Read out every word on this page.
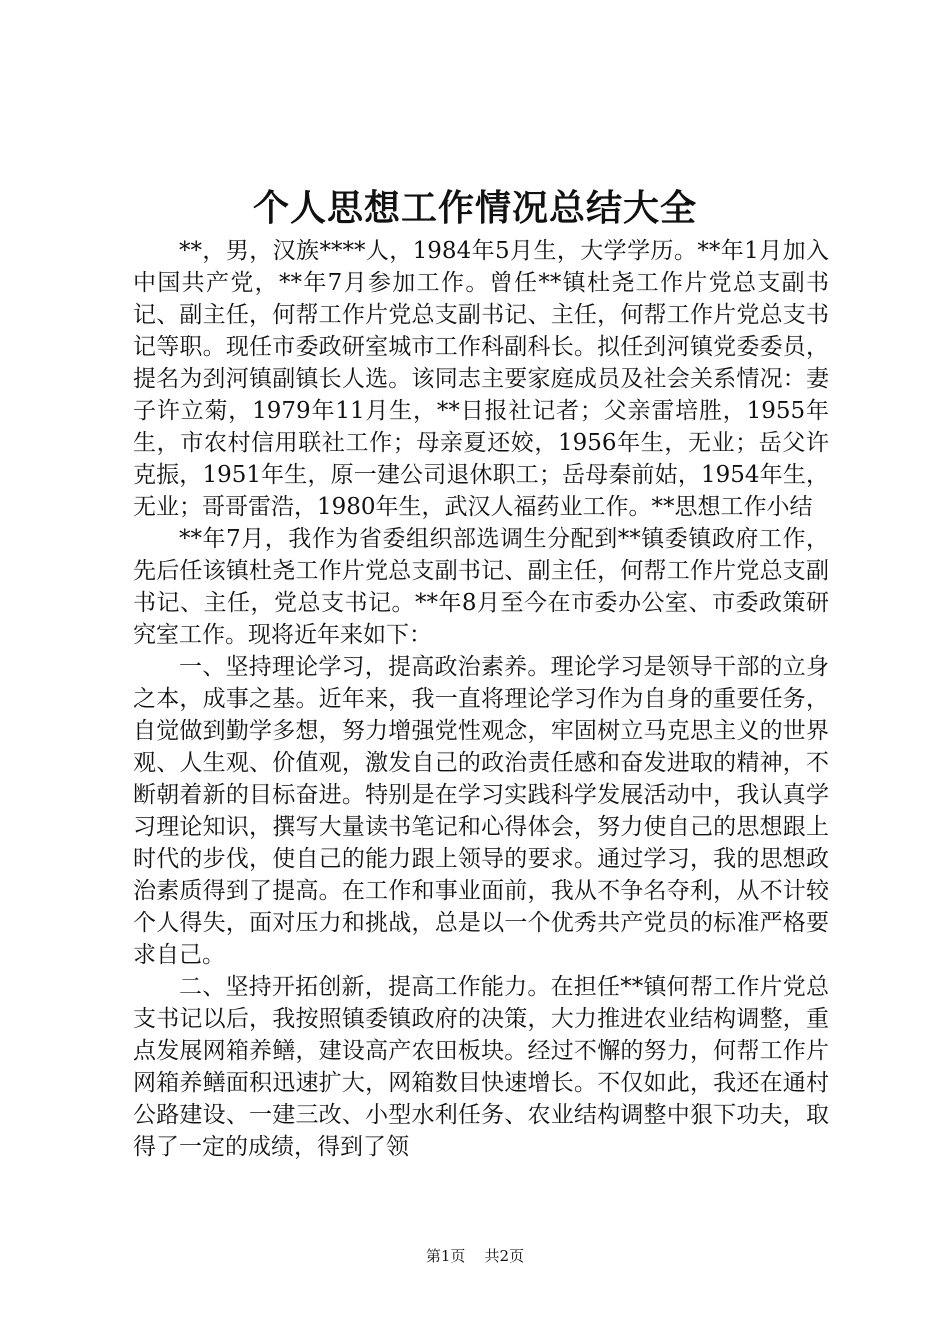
个人思想工作情况总结大全

**，男，汉族****人，1984年5月生，大学学历。**年1月加入中国共产党，**年7月参加工作。曾任**镇杜尧工作片党总支副书记、副主任，何帮工作片党总支副书记、主任，何帮工作片党总支书记等职。现任市委政研室城市工作科副科长。拟任刭河镇党委委员，提名为刭河镇副镇长人选。该同志主要家庭成员及社会关系情况：妻子许立菊，1979年11月生，**日报社记者；父亲雷培胜，1955年生，市农村信用联社工作；母亲夏还姣，1956年生，无业；岳父许克振，1951年生，原一建公司退休职工；岳母秦前姑，1954年生，无业；哥哥雷浩，1980年生，武汉人福药业工作。**思想工作小结

**年7月，我作为省委组织部选调生分配到**镇委镇政府工作，先后任该镇杜尧工作片党总支副书记、副主任，何帮工作片党总支副书记、主任，党总支书记。**年8月至今在市委办公室、市委政策研究室工作。现将近年来如下：

一、坚持理论学习，提高政治素养。理论学习是领导干部的立身之本，成事之基。近年来，我一直将理论学习作为自身的重要任务，自觉做到勤学多想，努力增强党性观念，牢固树立马克思主义的世界观、人生观、价值观，激发自己的政治责任感和奋发进取的精神，不断朝着新的目标奋进。特别是在学习实践科学发展活动中，我认真学习理论知识，撰写大量读书笔记和心得体会，努力使自己的思想跟上时代的步伐，使自己的能力跟上领导的要求。通过学习，我的思想政治素质得到了提高。在工作和事业面前，我从不争名夺利，从不计较个人得失，面对压力和挑战，总是以一个优秀共产党员的标准严格要求自己。

二、坚持开拓创新，提高工作能力。在担任**镇何帮工作片党总支书记以后，我按照镇委镇政府的决策，大力推进农业结构调整，重点发展网箱养鳝，建设高产农田板块。经过不懈的努力，何帮工作片网箱养鳝面积迅速扩大，网箱数目快速增长。不仅如此，我还在通村公路建设、一建三改、小型水利任务、农业结构调整中狠下功夫，取得了一定的成绩，得到了领

第1页 共2页
